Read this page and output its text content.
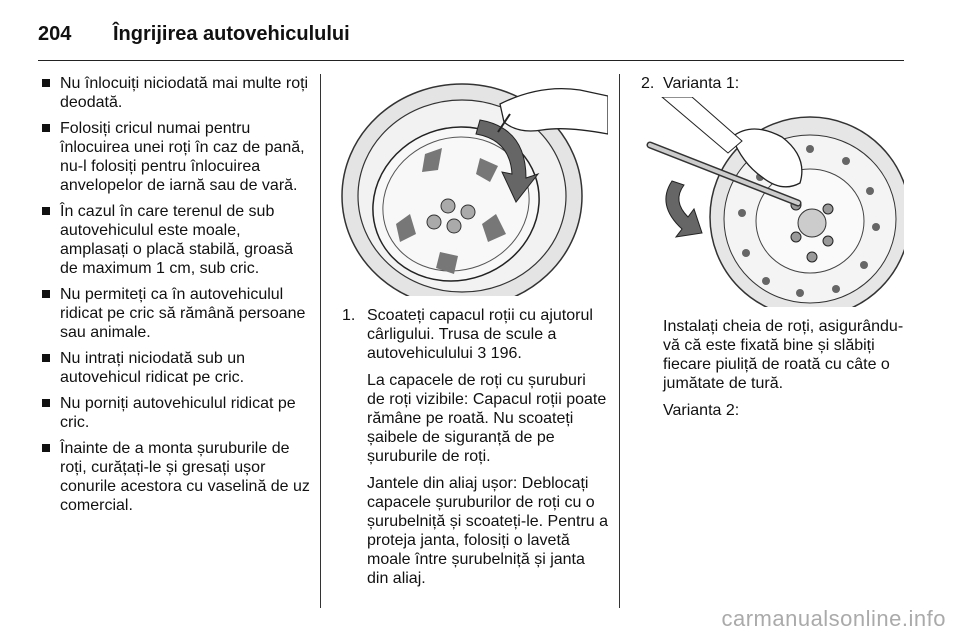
204	Îngrijirea autovehiculului
Nu înlocuiți niciodată mai multe roți deodată.
Folosiți cricul numai pentru înlocuirea unei roți în caz de pană, nu-l folosiți pentru înlocuirea anvelopelor de iarnă sau de vară.
În cazul în care terenul de sub autovehiculul este moale, amplasați o placă stabilă, groasă de maximum 1 cm, sub cric.
Nu permiteți ca în autovehiculul ridicat pe cric să rămână persoane sau animale.
Nu intrați niciodată sub un autovehicul ridicat pe cric.
Nu porniți autovehiculul ridicat pe cric.
Înainte de a monta șuruburile de roți, curățați-le și gresați ușor conurile acestora cu vaselină de uz comercial.
1. Scoateți capacul roții cu ajutorul cârligului. Trusa de scule a autovehiculului 3 196.
La capacele de roți cu șuruburi de roți vizibile: Capacul roții poate rămâne pe roată. Nu scoateți șaibele de siguranță de pe șuruburile de roți.
Jantele din aliaj ușor: Deblocați capacele șuruburilor de roți cu o șurubelniță și scoateți-le. Pentru a proteja janta, folosiți o lavetă moale între șurubelniță și janta din aliaj.
2. Varianta 1:
Instalați cheia de roți, asigurându-vă că este fixată bine și slăbiți fiecare piuliță de roată cu câte o jumătate de tură.
Varianta 2:
carmanualsonline.info
